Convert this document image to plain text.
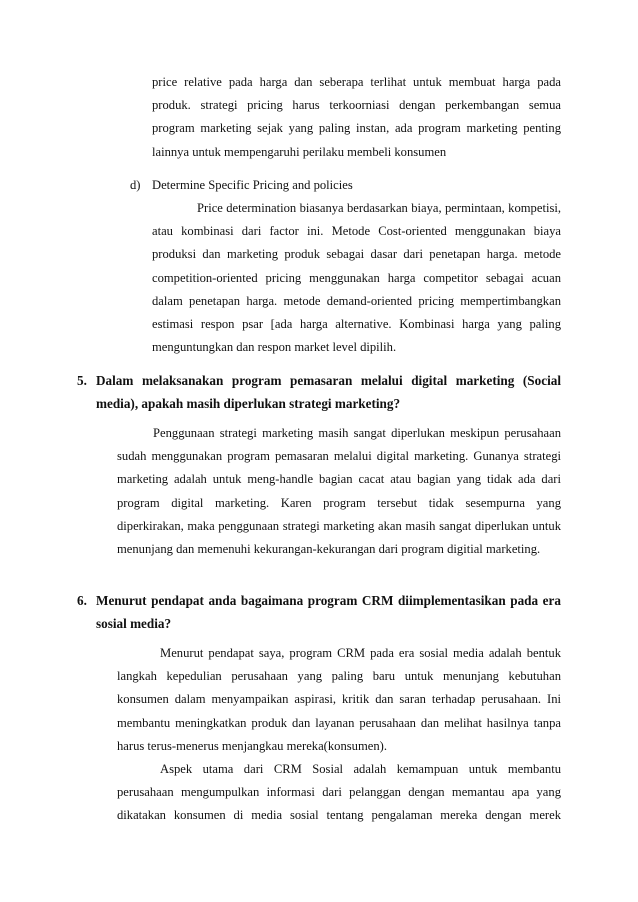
price relative pada harga dan seberapa terlihat untuk membuat harga pada produk. strategi pricing harus terkoorniasi dengan perkembangan semua program marketing sejak yang paling instan, ada program marketing penting lainnya untuk mempengaruhi perilaku membeli konsumen

d) Determine Specific Pricing and policies

Price determination biasanya berdasarkan biaya, permintaan, kompetisi, atau kombinasi dari factor ini. Metode Cost-oriented menggunakan biaya produksi dan marketing produk sebagai dasar dari penetapan harga. metode competition-oriented pricing menggunakan harga competitor sebagai acuan dalam penetapan harga. metode demand-oriented pricing mempertimbangkan estimasi respon psar [ada harga alternative. Kombinasi harga yang paling menguntungkan dan respon market level dipilih.

5. Dalam melaksanakan program pemasaran melalui digital marketing (Social media), apakah masih diperlukan strategi marketing?

Penggunaan strategi marketing masih sangat diperlukan meskipun perusahaan sudah menggunakan program pemasaran melalui digital marketing. Gunanya strategi marketing adalah untuk meng-handle bagian cacat atau bagian yang tidak ada dari program digital marketing. Karen program tersebut tidak sesempurna yang diperkirakan, maka penggunaan strategi marketing akan masih sangat diperlukan untuk menunjang dan memenuhi kekurangan-kekurangan dari program digitial marketing.

6. Menurut pendapat anda bagaimana program CRM diimplementasikan pada era sosial media?

Menurut pendapat saya, program CRM pada era sosial media adalah bentuk langkah kepedulian perusahaan yang paling baru untuk menunjang kebutuhan konsumen dalam menyampaikan aspirasi, kritik dan saran terhadap perusahaan. Ini membantu meningkatkan produk dan layanan perusahaan dan melihat hasilnya tanpa harus terus-menerus menjangkau mereka(konsumen).

Aspek utama dari CRM Sosial adalah kemampuan untuk membantu perusahaan mengumpulkan informasi dari pelanggan dengan memantau apa yang dikatakan konsumen di media sosial tentang pengalaman mereka dengan merek
